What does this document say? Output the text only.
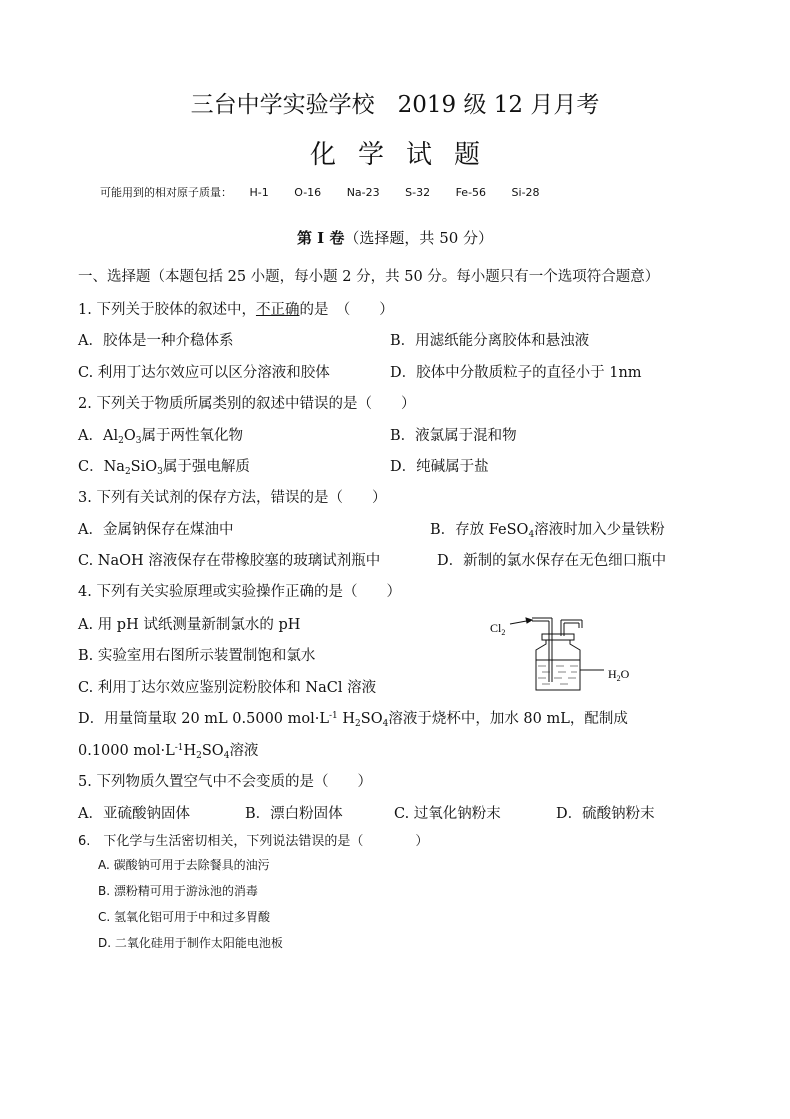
三台中学实验学校　2019 级 12 月月考
化学试题
可能用到的相对原子质量： H-1 O-16 Na-23 S-32 Fe-56 Si-28
第 I 卷（选择题，共 50 分）
一、选择题（本题包括 25 小题，每小题 2 分，共 50 分。每小题只有一个选项符合题意）
1. 下列关于胶体的叙述中，不正确的是　（　　）
A．胶体是一种介稳体系	B．用滤纸能分离胶体和悬浊液
C. 利用丁达尔效应可以区分溶液和胶体	D．胶体中分散质粒子的直径小于 1nm
2. 下列关于物质所属类别的叙述中错误的是（　　）
A．$Al_2O_3$属于两性氧化物	B．液氯属于混和物
C．$Na_2SiO_3$属于强电解质	D．纯碱属于盐
3. 下列有关试剂的保存方法，错误的是（　　）
A．金属钠保存在煤油中	B．存放 FeSO$_4$溶液时加入少量铁粉
C. NaOH 溶液保存在带橡胶塞的玻璃试剂瓶中	D．新制的氯水保存在无色细口瓶中
4. 下列有关实验原理或实验操作正确的是（　　）
A. 用 pH 试纸测量新制氯水的 pH
B. 实验室用右图所示装置制饱和氯水
C. 利用丁达尔效应鉴别淀粉胶体和 NaCl 溶液
D．用量筒量取 20 mL 0.5000 $mol\cdot L^{-1}$ $H_2SO_4$溶液于烧杯中，加水 80 mL，配制成
0.1000 $mol\cdot L^{-1}H_2SO_4$溶液
$Cl_2$
$H_2O$
5. 下列物质久置空气中不会变质的是（　　）
A．亚硫酸钠固体	B．漂白粉固体	C. 过氧化钠粉末	D．硫酸钠粉末
6.　下化学与生活密切相关，下列说法错误的是（　　　　）
A. 碳酸钠可用于去除餐具的油污
B. 漂粉精可用于游泳池的消毒
C. 氢氧化铝可用于中和过多胃酸
D. 二氧化硅用于制作太阳能电池板
